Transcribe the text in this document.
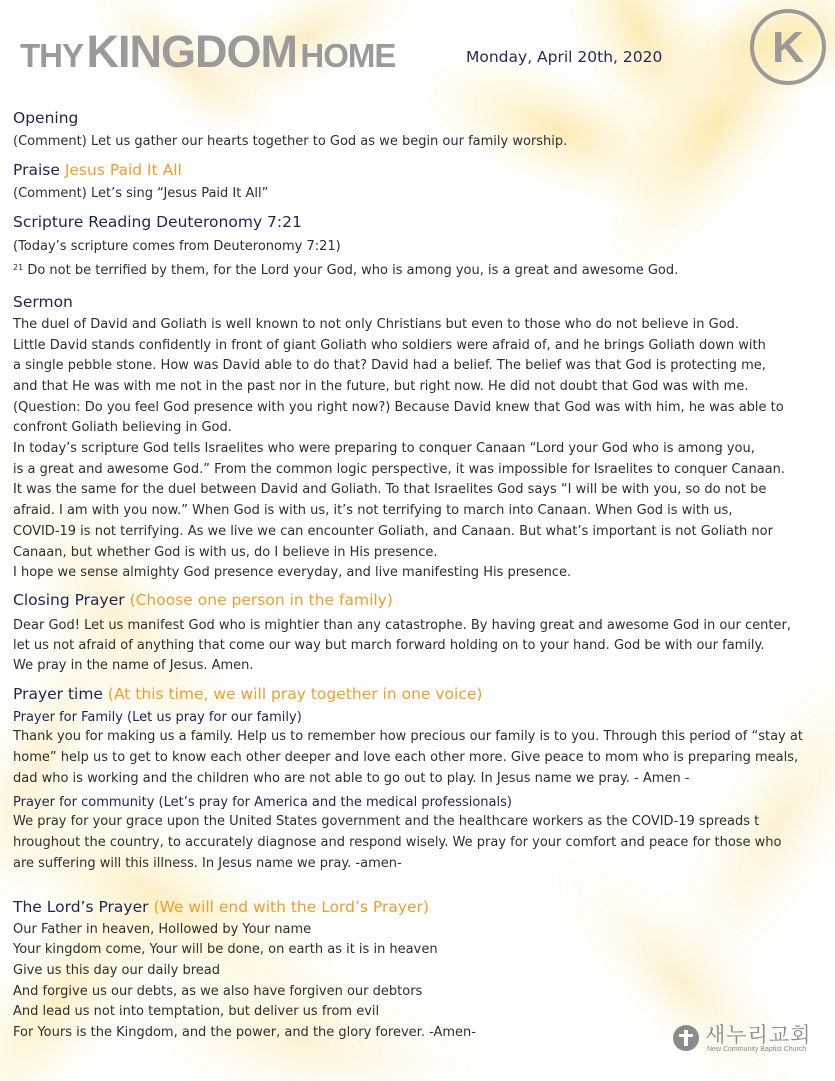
THY KINGDOM HOME	Monday, April 20th, 2020 K
Opening
(Comment) Let us gather our hearts together to God as we begin our family worship.
Praise Jesus Paid It All
(Comment) Let’s sing “Jesus Paid It All”
Scripture Reading Deuteronomy 7:21
(Today’s scripture comes from Deuteronomy 7:21)
$^{21}$ Do not be terrified by them, for the Lord your God, who is among you, is a great and awesome God.
Sermon
The duel of David and Goliath is well known to not only Christians but even to those who do not believe in God.
Little David stands confidently in front of giant Goliath who soldiers were afraid of, and he brings Goliath down with
a single pebble stone. How was David able to do that? David had a belief. The belief was that God is protecting me,
and that He was with me not in the past nor in the future, but right now. He did not doubt that God was with me.
(Question: Do you feel God presence with you right now?) Because David knew that God was with him, he was able to
confront Goliath believing in God.
In today’s scripture God tells Israelites who were preparing to conquer Canaan “Lord your God who is among you,
is a great and awesome God.” From the common logic perspective, it was impossible for Israelites to conquer Canaan.
It was the same for the duel between David and Goliath. To that Israelites God says “I will be with you, so do not be
afraid. I am with you now.” When God is with us, it’s not terrifying to march into Canaan. When God is with us,
COVID-19 is not terrifying. As we live we can encounter Goliath, and Canaan. But what’s important is not Goliath nor
Canaan, but whether God is with us, do I believe in His presence.
I hope we sense almighty God presence everyday, and live manifesting His presence.
Closing Prayer (Choose one person in the family)
Dear God! Let us manifest God who is mightier than any catastrophe. By having great and awesome God in our center,
let us not afraid of anything that come our way but march forward holding on to your hand. God be with our family.
We pray in the name of Jesus. Amen.
Prayer time (At this time, we will pray together in one voice)
Prayer for Family (Let us pray for our family)
Thank you for making us a family. Help us to remember how precious our family is to you. Through this period of “stay at
home” help us to get to know each other deeper and love each other more. Give peace to mom who is preparing meals,
dad who is working and the children who are not able to go out to play. In Jesus name we pray. - Amen -
Prayer for community (Let’s pray for America and the medical professionals)
We pray for your grace upon the United States government and the healthcare workers as the COVID-19 spreads t
hroughout the country, to accurately diagnose and respond wisely. We pray for your comfort and peace for those who
are suffering will this illness. In Jesus name we pray. -amen-
The Lord’s Prayer (We will end with the Lord’s Prayer)
Our Father in heaven, Hollowed by Your name
Your kingdom come, Your will be done, on earth as it is in heaven
Give us this day our daily bread
And forgive us our debts, as we also have forgiven our debtors
And lead us not into temptation, but deliver us from evil
For Yours is the Kingdom, and the power, and the glory forever. -Amen-	새누리교회
New Community Baptist Church
